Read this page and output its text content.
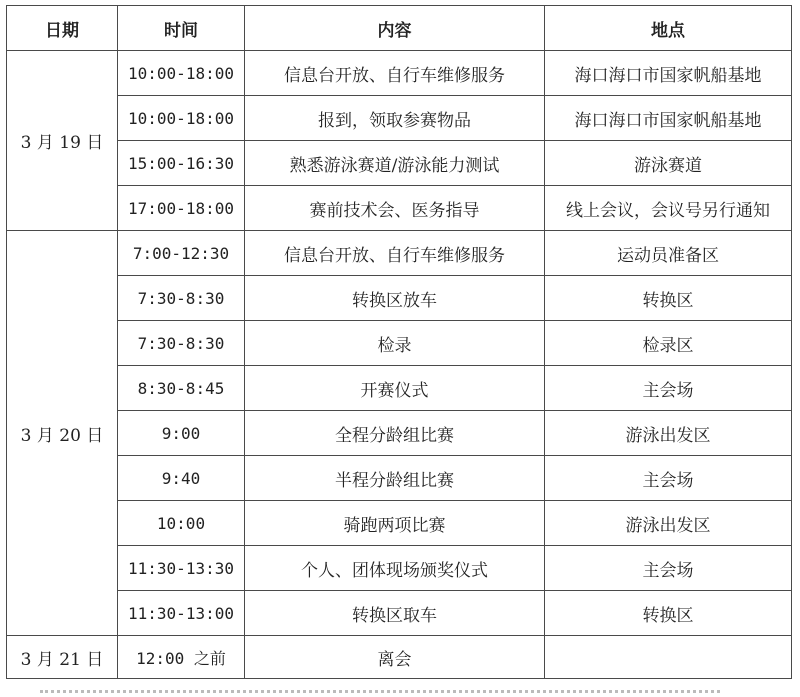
日期	时间	内容	地点
3 月 19 日	10:00-18:00	信息台开放、自行车维修服务	海口海口市国家帆船基地
	10:00-18:00	报到，领取参赛物品	海口海口市国家帆船基地
	15:00-16:30	熟悉游泳赛道/游泳能力测试	游泳赛道
	17:00-18:00	赛前技术会、医务指导	线上会议，会议号另行通知
3 月 20 日	7:00-12:30	信息台开放、自行车维修服务	运动员准备区
	7:30-8:30	转换区放车	转换区
	7:30-8:30	检录	检录区
	8:30-8:45	开赛仪式	主会场
	9:00	全程分龄组比赛	游泳出发区
	9:40	半程分龄组比赛	主会场
	10:00	骑跑两项比赛	游泳出发区
	11:30-13:30	个人、团体现场颁奖仪式	主会场
	11:30-13:00	转换区取车	转换区
3 月 21 日	12:00 之前	离会	
